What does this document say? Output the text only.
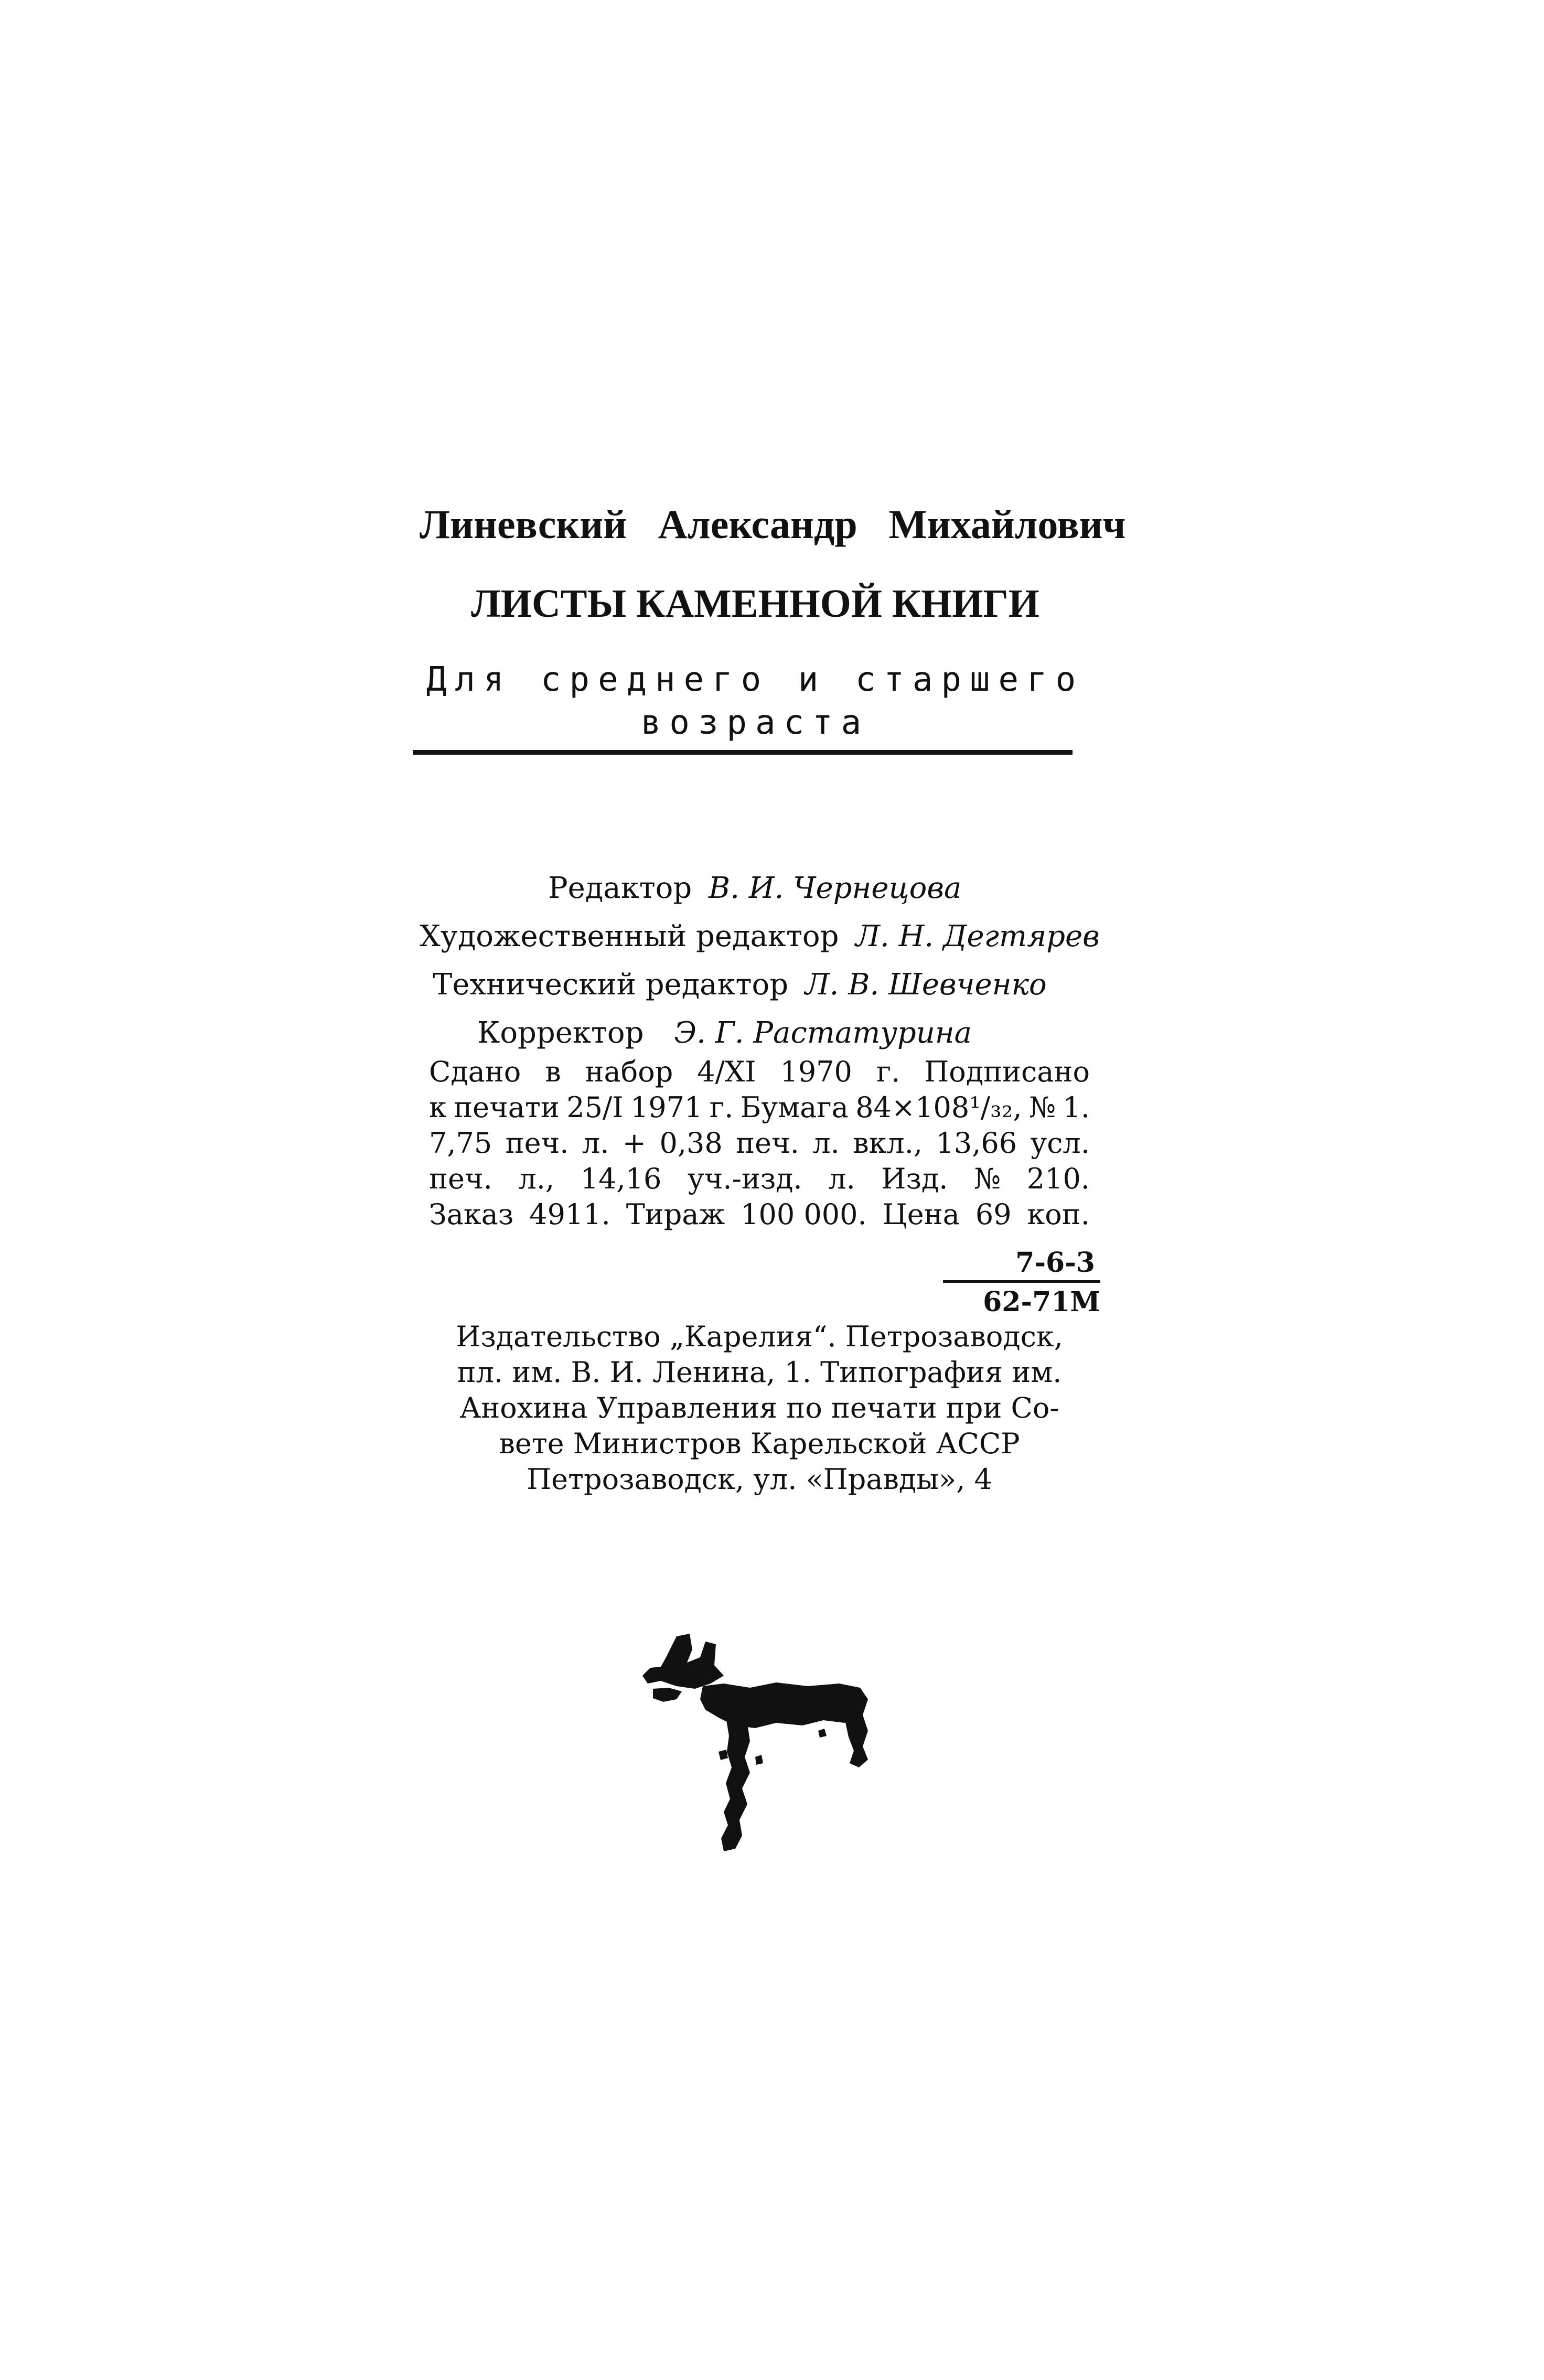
Линевский Александр Михайлович
ЛИСТЫ КАМЕННОЙ КНИГИ
Для среднего и старшего
возраста
Редактор В. И. Чернецова
Художественный редактор Л. Н. Дегтярев
Технический редактор Л. В. Шевченко
Корректор Э. Г. Растатурина
Сдано в набор 4/XI 1970 г. Подписано
к печати 25/I 1971 г. Бумага 84×108¹/₃₂, № 1.
7,75 печ. л. + 0,38 печ. л. вкл., 13,66 усл.
печ. л., 14,16 уч.-изд. л. Изд. № 210.
Заказ 4911. Тираж 100 000. Цена 69 коп.
7-6-3
62-71М
Издательство „Карелия“. Петрозаводск,
пл. им. В. И. Ленина, 1. Типография им.
Анохина Управления по печати при Со-
вете Министров Карельской АССР
Петрозаводск, ул. «Правды», 4
